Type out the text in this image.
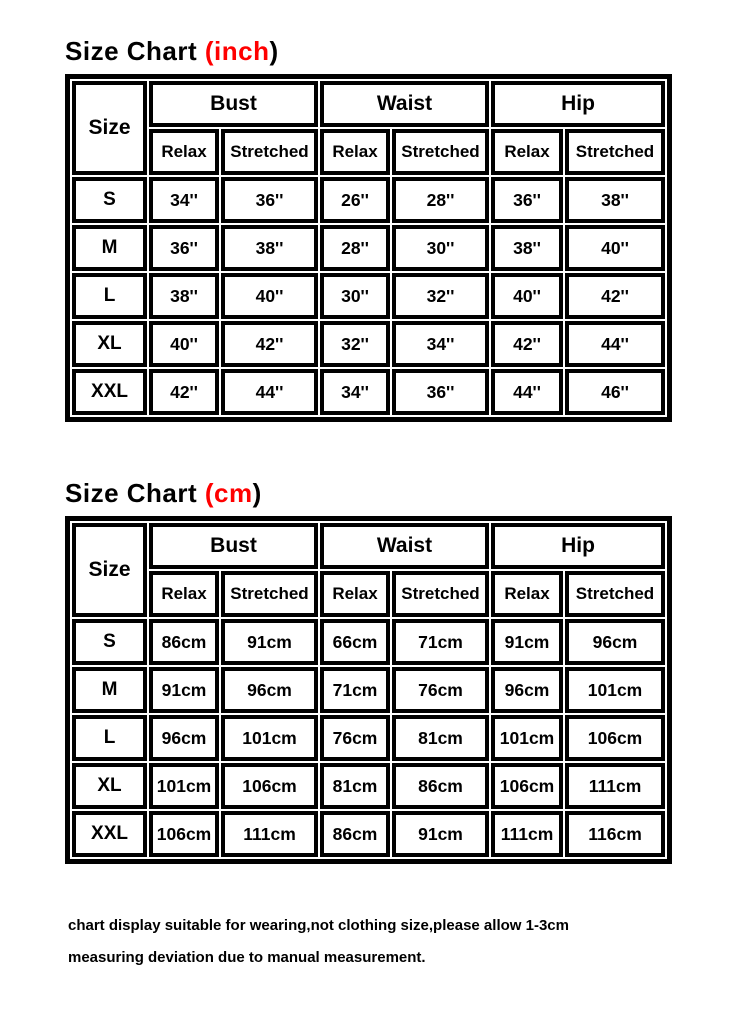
Size Chart (inch)
Size
Bust	Waist	Hip
Relax	Stretched	Relax	Stretched	Relax	Stretched
S	34''	36''	26''	28''	36''	38''
M	36''	38''	28''	30''	38''	40''
L	38''	40''	30''	32''	40''	42''
XL	40''	42''	32''	34''	42''	44''
XXL	42''	44''	34''	36''	44''	46''
Size Chart (cm)
Size
Bust	Waist	Hip
Relax	Stretched	Relax	Stretched	Relax	Stretched
S	86cm	91cm	66cm	71cm	91cm	96cm
M	91cm	96cm	71cm	76cm	96cm	101cm
L	96cm	101cm	76cm	81cm	101cm	106cm
XL	101cm	106cm	81cm	86cm	106cm	111cm
XXL	106cm	111cm	86cm	91cm	111cm	116cm

chart display suitable for wearing,not clothing size,please allow 1-3cm

measuring deviation due to manual measurement.
